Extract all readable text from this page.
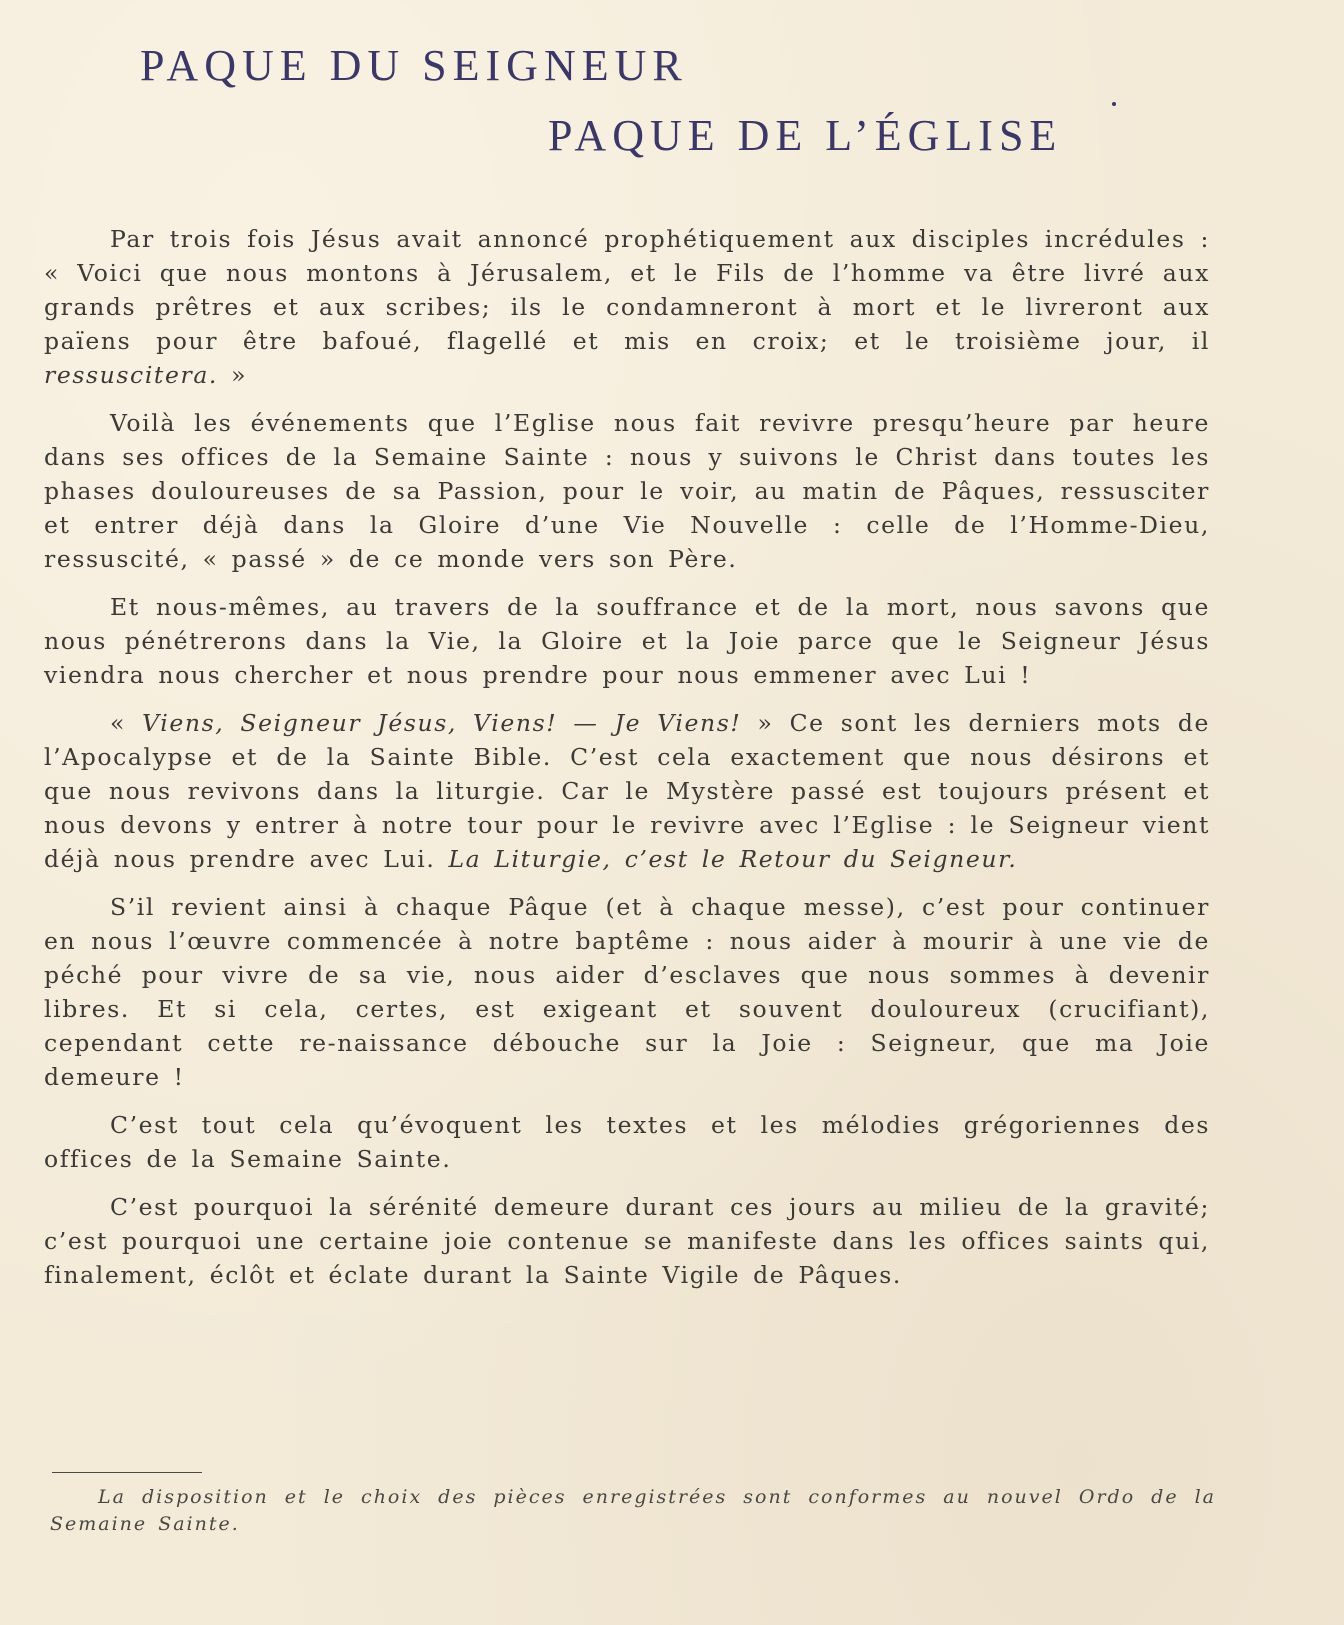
PAQUE DU SEIGNEUR
PAQUE DE L’ÉGLISE

Par trois fois Jésus avait annoncé prophétiquement aux disciples incrédules : « Voici que nous montons à Jérusalem, et le Fils de l’homme va être livré aux grands prêtres et aux scribes; ils le condamneront à mort et le livreront aux païens pour être bafoué, flagellé et mis en croix; et le troisième jour, il ressuscitera. »

Voilà les événements que l’Eglise nous fait revivre presqu’heure par heure dans ses offices de la Semaine Sainte : nous y suivons le Christ dans toutes les phases douloureuses de sa Passion, pour le voir, au matin de Pâques, ressusciter et entrer déjà dans la Gloire d’une Vie Nouvelle : celle de l’Homme-Dieu, ressuscité, « passé » de ce monde vers son Père.

Et nous-mêmes, au travers de la souffrance et de la mort, nous savons que nous pénétrerons dans la Vie, la Gloire et la Joie parce que le Seigneur Jésus viendra nous chercher et nous prendre pour nous emmener avec Lui !

« Viens, Seigneur Jésus, Viens! — Je Viens! » Ce sont les derniers mots de l’Apocalypse et de la Sainte Bible. C’est cela exactement que nous désirons et que nous revivons dans la liturgie. Car le Mystère passé est toujours présent et nous devons y entrer à notre tour pour le revivre avec l’Eglise : le Seigneur vient déjà nous prendre avec Lui. La Liturgie, c’est le Retour du Seigneur.

S’il revient ainsi à chaque Pâque (et à chaque messe), c’est pour continuer en nous l’œuvre commencée à notre baptême : nous aider à mourir à une vie de péché pour vivre de sa vie, nous aider d’esclaves que nous sommes à devenir libres. Et si cela, certes, est exigeant et souvent douloureux (crucifiant), cependant cette re-naissance débouche sur la Joie : Seigneur, que ma Joie demeure !

C’est tout cela qu’évoquent les textes et les mélodies grégoriennes des offices de la Semaine Sainte.

C’est pourquoi la sérénité demeure durant ces jours au milieu de la gravité; c’est pourquoi une certaine joie contenue se manifeste dans les offices saints qui, finalement, éclôt et éclate durant la Sainte Vigile de Pâques.

La disposition et le choix des pièces enregistrées sont conformes au nouvel Ordo de la Semaine Sainte.
